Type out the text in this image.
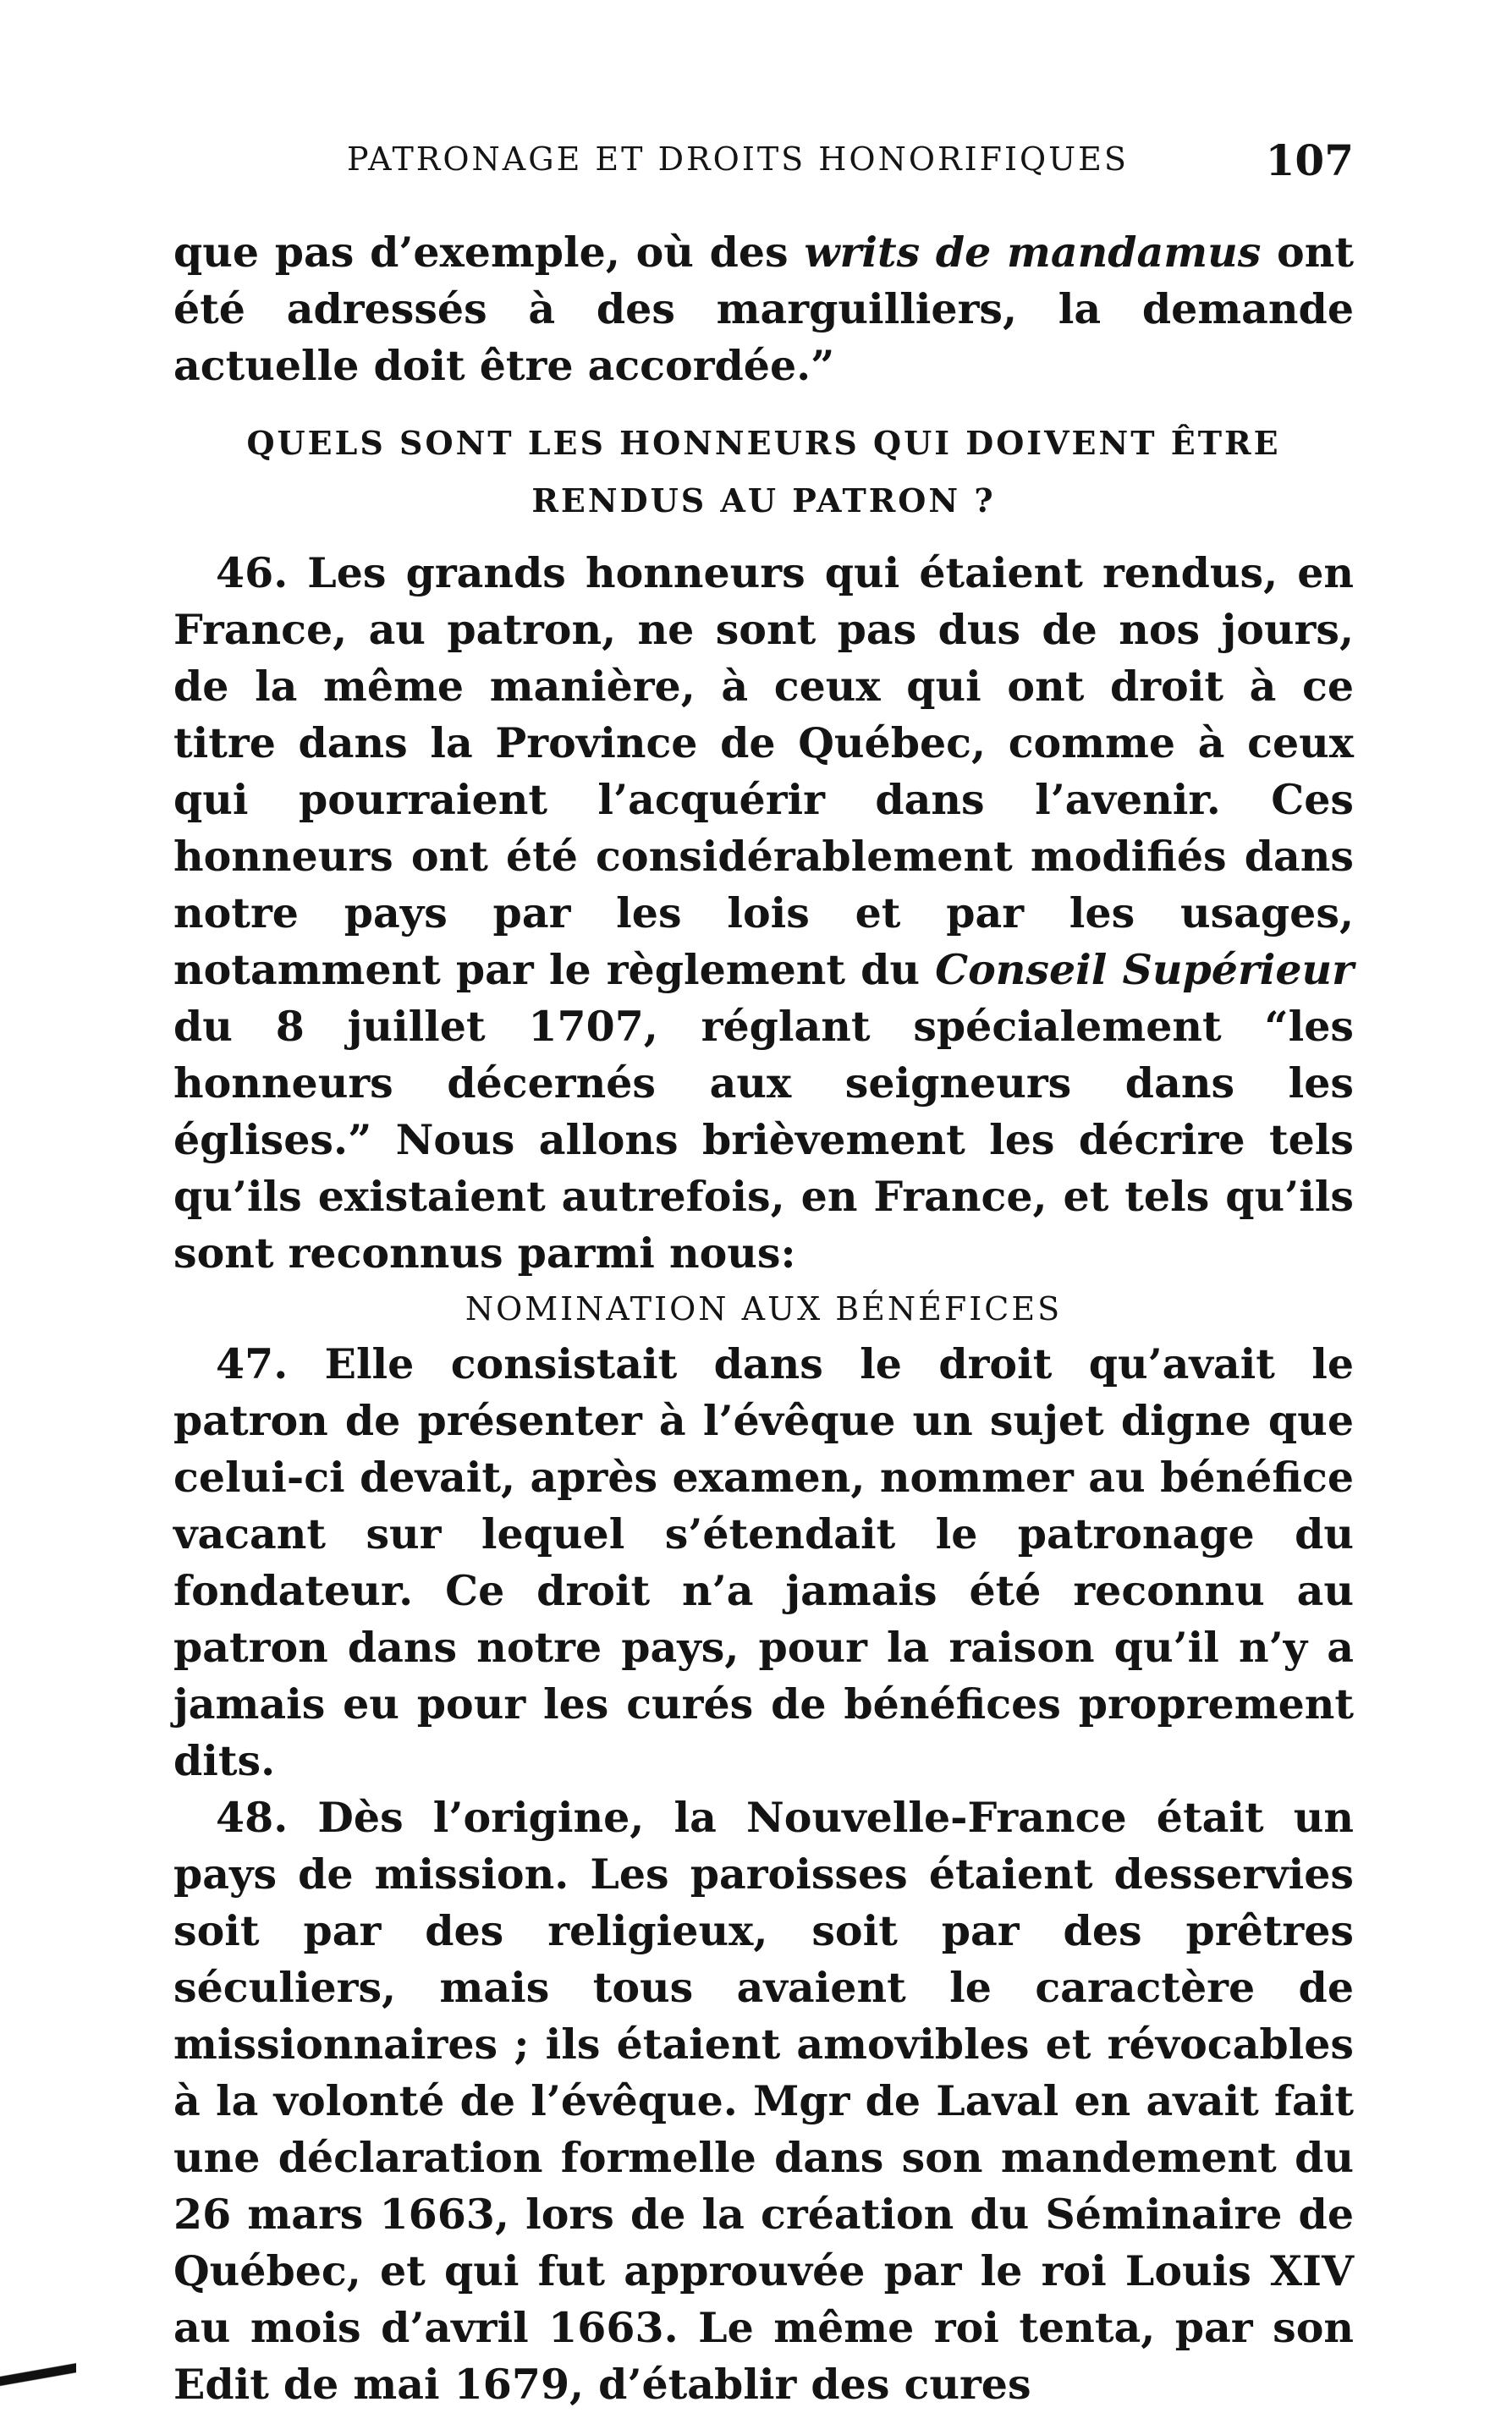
PATRONAGE ET DROITS HONORIFIQUES	107

que pas d’exemple, où des writs de mandamus ont été adressés à des marguilliers, la demande actuelle doit être accordée.”

QUELS SONT LES HONNEURS QUI DOIVENT ÊTRE
RENDUS AU PATRON ?

46. Les grands honneurs qui étaient rendus, en France, au patron, ne sont pas dus de nos jours, de la même manière, à ceux qui ont droit à ce titre dans la Province de Québec, comme à ceux qui pourraient l’acquérir dans l’avenir. Ces honneurs ont été considérablement modifiés dans notre pays par les lois et par les usages, notamment par le règlement du Conseil Supérieur du 8 juillet 1707, réglant spécialement “les honneurs décernés aux seigneurs dans les églises.” Nous allons brièvement les décrire tels qu’ils existaient autrefois, en France, et tels qu’ils sont reconnus parmi nous:

NOMINATION AUX BÉNÉFICES

47. Elle consistait dans le droit qu’avait le patron de présenter à l’évêque un sujet digne que celui-ci devait, après examen, nommer au bénéfice vacant sur lequel s’étendait le patronage du fondateur. Ce droit n’a jamais été reconnu au patron dans notre pays, pour la raison qu’il n’y a jamais eu pour les curés de bénéfices proprement dits.

48. Dès l’origine, la Nouvelle-France était un pays de mission. Les paroisses étaient desservies soit par des religieux, soit par des prêtres séculiers, mais tous avaient le caractère de missionnaires ; ils étaient amovibles et révocables à la volonté de l’évêque. Mgr de Laval en avait fait une déclaration formelle dans son mandement du 26 mars 1663, lors de la création du Séminaire de Québec, et qui fut approuvée par le roi Louis XIV au mois d’avril 1663. Le même roi tenta, par son Edit de mai 1679, d’établir des cures
